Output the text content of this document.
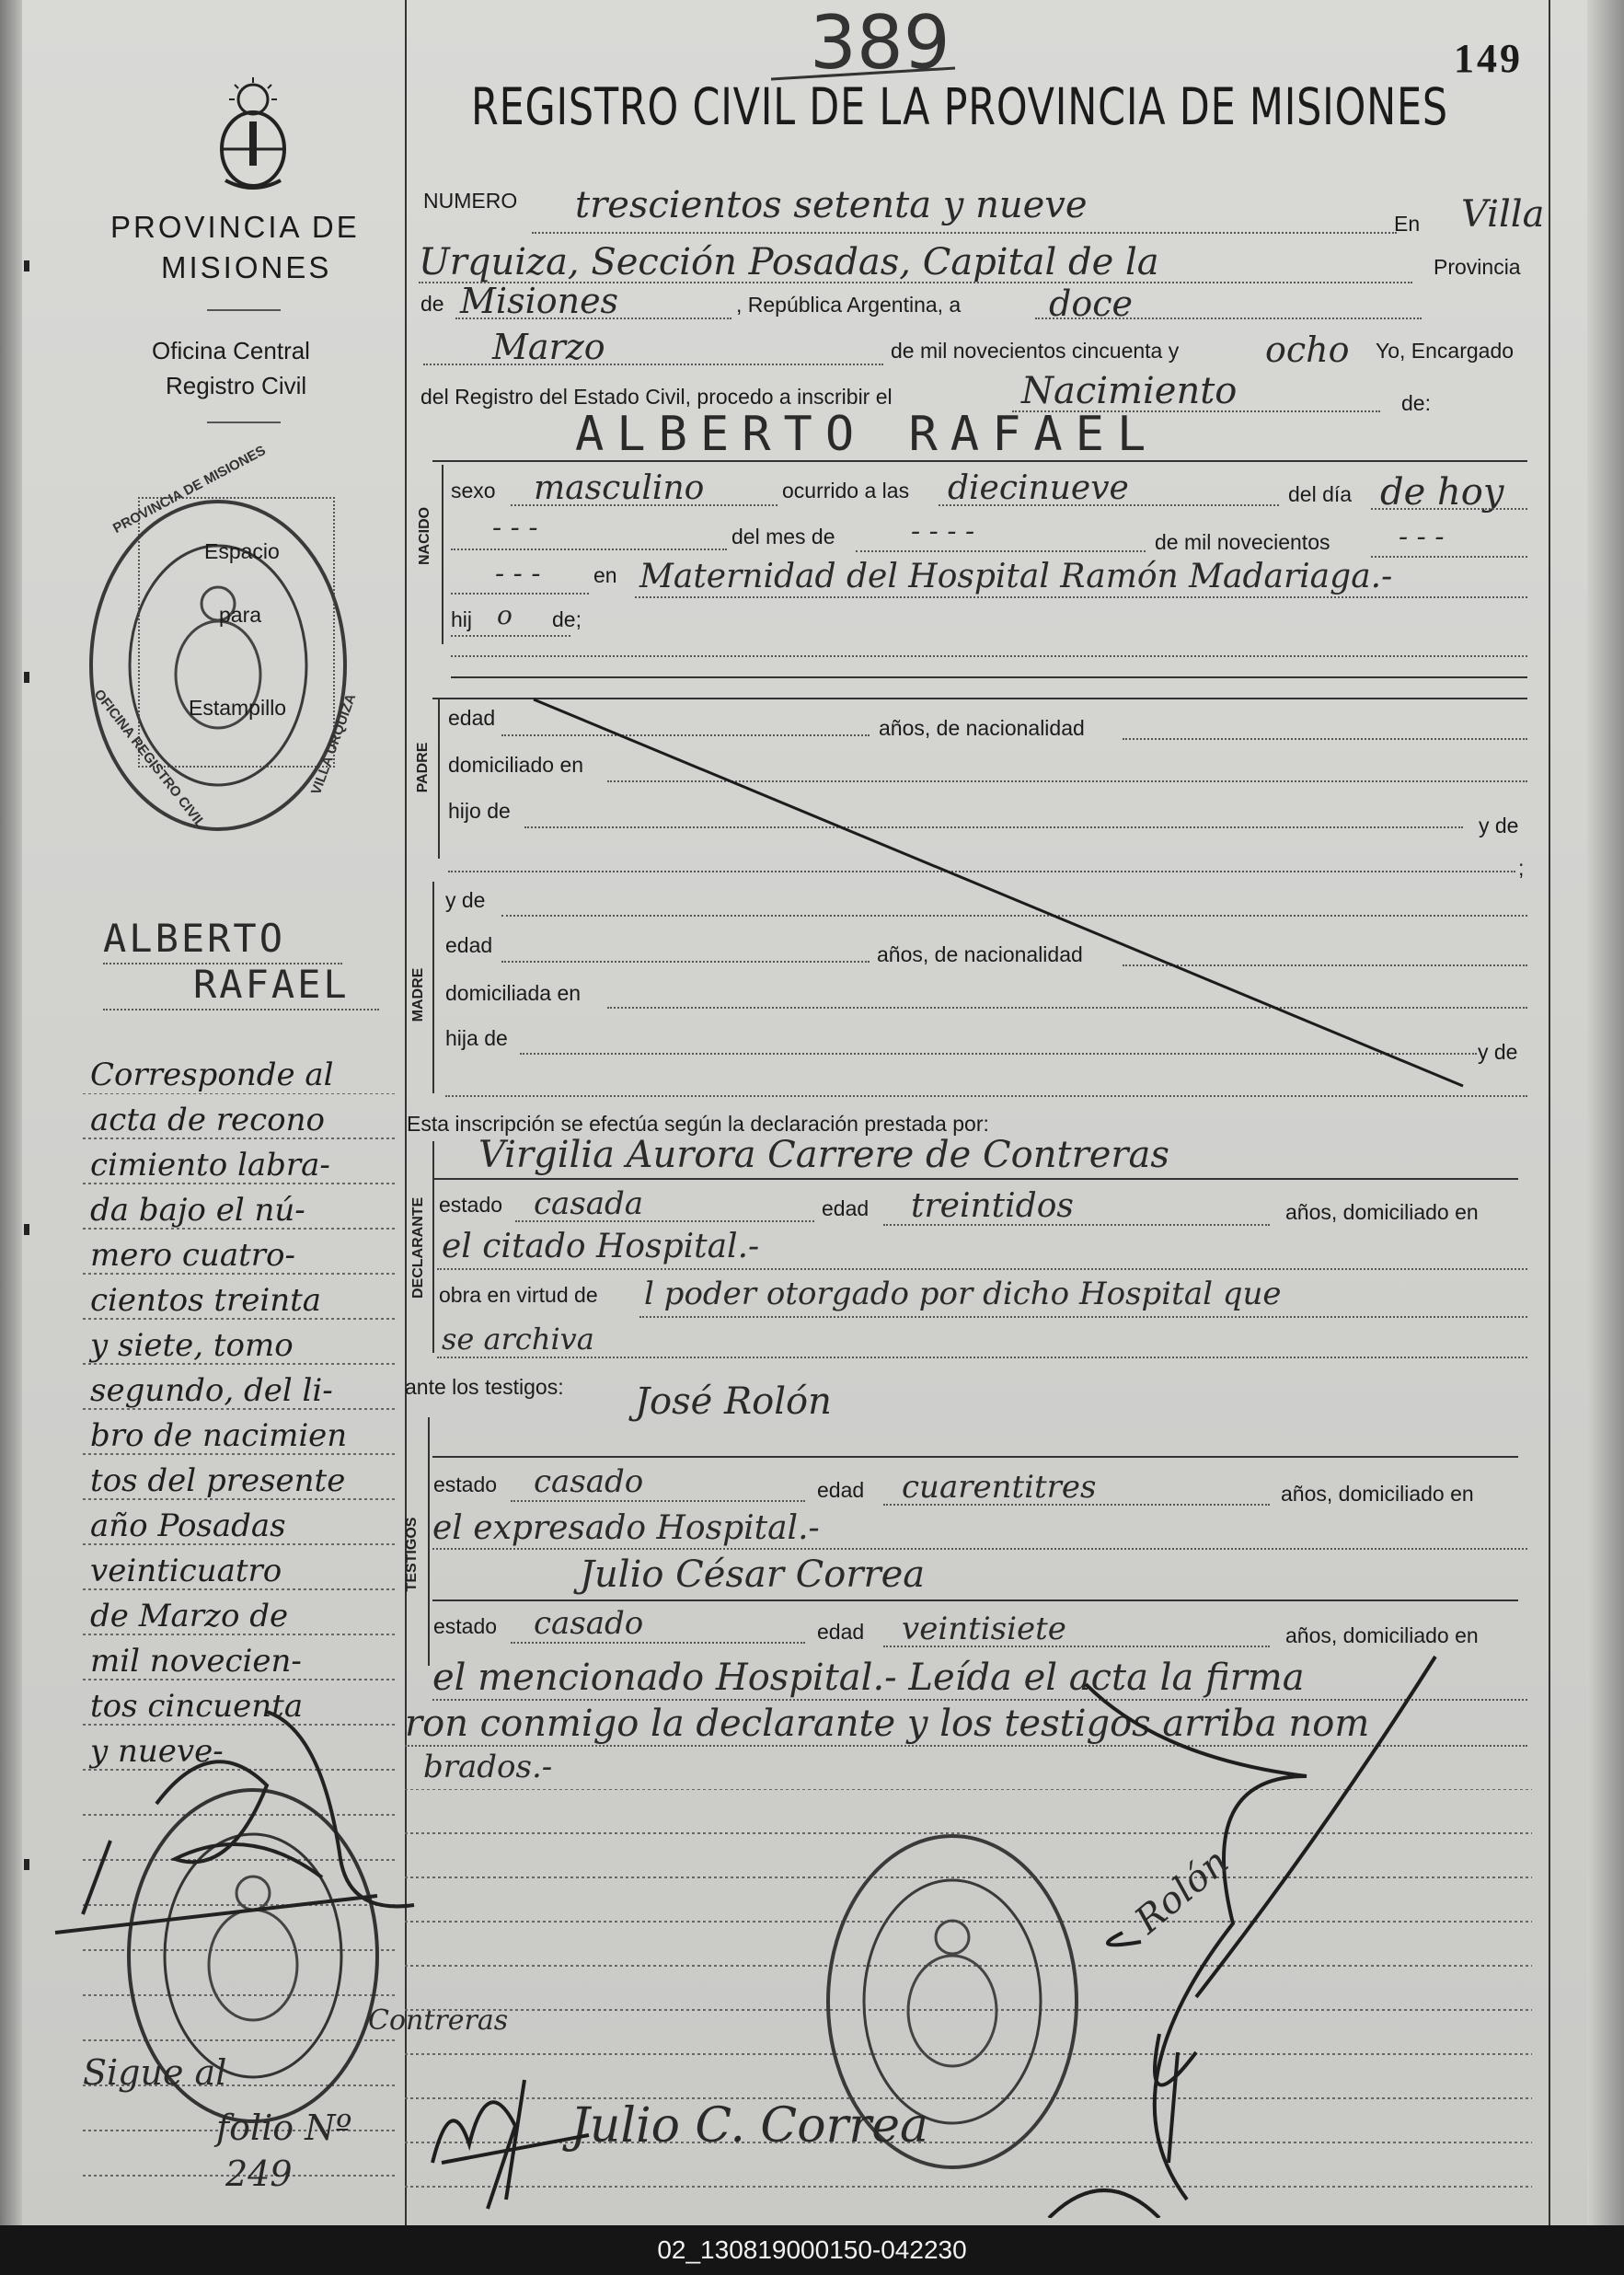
PROVINCIA DE
MISIONES
Oficina Central
Registro Civil
Espacio
para
Estampillo
PROVINCIA DE MISIONES
VILLA URQUIZA
OFICINA REGISTRO CIVIL
ALBERTO
RAFAEL
Corresponde al
acta de recono
cimiento labra-
da bajo el nú-
mero cuatro-
cientos treinta
y siete, tomo
segundo, del li-
bro de nacimien
tos del presente
año Posadas
veinticuatro
de Marzo de
mil novecien-
tos cincuenta
y nueve-
Sigue al
folio Nº
249
389	149
REGISTRO CIVIL DE LA PROVINCIA DE MISIONES
NUMERO trescientos setenta y nueve	En Villa
Urquiza, Sección Posadas, Capital de la	Provincia
de Misiones	, República Argentina, a	doce
Marzo	de mil novecientos cincuenta y ocho Yo, Encargado
del Registro del Estado Civil, procedo a inscribir el	Nacimiento	de:
ALBERTO RAFAEL
NACIDO
sexo masculino	ocurrido a las diecinueve	del día de hoy
- - -	del mes de	- - - -	de mil novecientos - - -
- - -	en Maternidad del Hospital Ramón Madariaga.-
hij o de;
PADRE
edad	años, de nacionalidad
domiciliado en
hijo de
y de
;
MADRE
y de
edad	años, de nacionalidad
domiciliada en
hija de
y de
Esta inscripción se efectúa según la declaración prestada por:
DECLARANTE
Virgilia Aurora Carrere de Contreras
estado casada	edad treintidos	años, domiciliado en
el citado Hospital.-
obra en virtud de l poder otorgado por dicho Hospital que
se archiva
ante los testigos:
TESTIGOS
José Rolón
estado casado	edad cuarentitres	años, domiciliado en
el expresado Hospital.-
Julio César Correa
estado casado	edad veintisiete	años, domiciliado en
el mencionado Hospital.- Leída el acta la firma
ron conmigo la declarante y los testigos arriba nom
brados.-
Contreras
Julio C. Correa
Rolón
02_130819000150-042230
